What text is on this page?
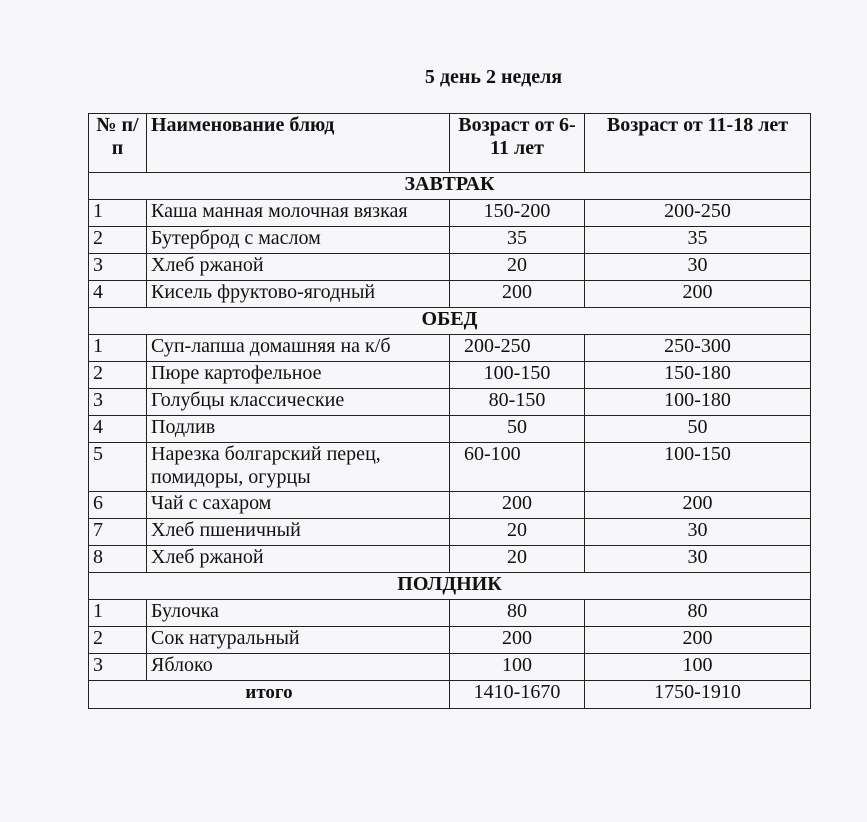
5 день 2 неделя
№ п/п	Наименование блюд	Возраст от 6-11 лет	Возраст от 11-18 лет
ЗАВТРАК			
1	Каша манная молочная вязкая	150-200	200-250
2	Бутерброд с маслом	35	35
3	Хлеб ржаной	20	30
4	Кисель фруктово-ягодный	200	200
ОБЕД			
1	Суп-лапша домашняя на к/б	200-250	250-300
2	Пюре картофельное	100-150	150-180
3	Голубцы классические	80-150	100-180
4	Подлив	50	50
5	Нарезка болгарский перец, помидоры, огурцы	60-100	100-150
6	Чай с сахаром	200	200
7	Хлеб пшеничный	20	30
8	Хлеб ржаной	20	30
ПОЛДНИК			
1	Булочка	80	80
2	Сок натуральный	200	200
3	Яблоко	100	100
итого		1410-1670	1750-1910
